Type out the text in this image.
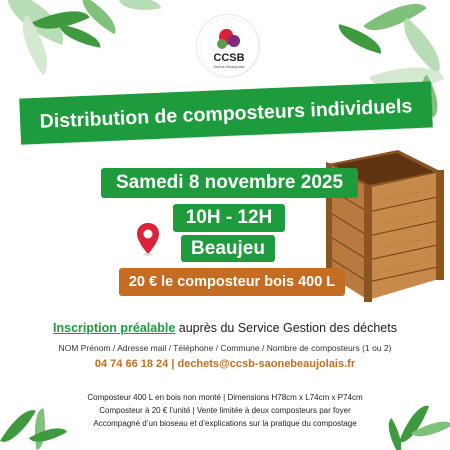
CCSB
Saône Beaujolais
Distribution de composteurs individuels
Samedi 8 novembre 2025
10H - 12H
Beaujeu
20 € le composteur bois 400 L
Inscription préalable auprès du Service Gestion des déchets
NOM Prénom / Adresse mail / Téléphone / Commune / Nombre de composteurs (1 ou 2)
04 74 66 18 24 | dechets@ccsb-saonebeaujolais.fr
Composteur 400 L en bois non monté | Dimensions H78cm x L74cm x P74cm
Composteur à 20 € l’unité | Vente limitée à deux composteurs par foyer
Accompagné d’un bioseau et d’explications sur la pratique du compostage
